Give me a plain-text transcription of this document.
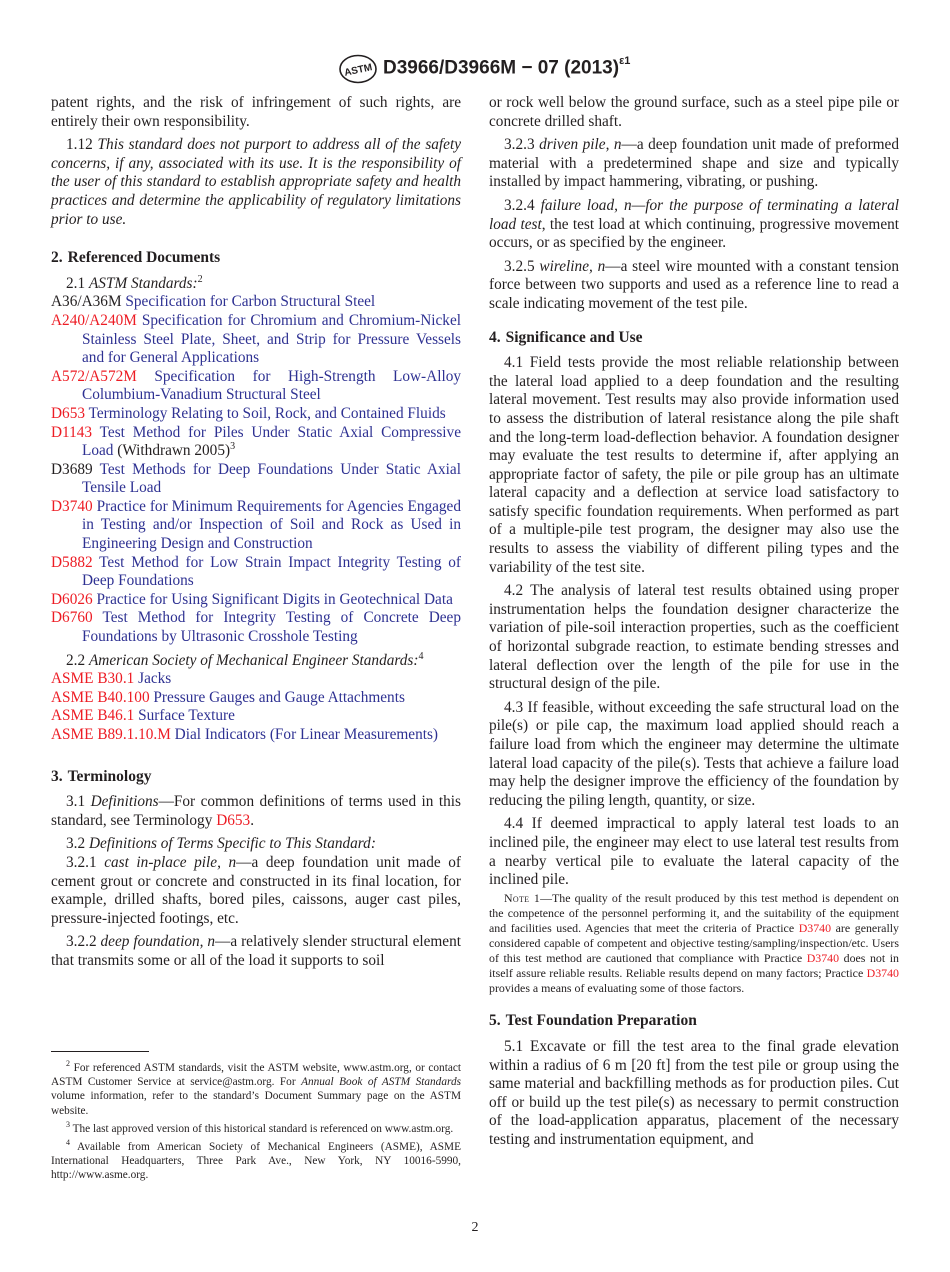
ASTM D3966/D3966M − 07 $(2013)^{\varepsilon 1}$

patent rights, and the risk of infringement of such rights, are entirely their own responsibility.

1.12 This standard does not purport to address all of the safety concerns, if any, associated with its use. It is the responsibility of the user of this standard to establish appropriate safety and health practices and determine the applicability of regulatory limitations prior to use.

2. Referenced Documents

2.1 ASTM Standards:$^2$

A36/A36M Specification for Carbon Structural Steel

A240/A240M Specification for Chromium and Chromium-Nickel Stainless Steel Plate, Sheet, and Strip for Pressure Vessels and for General Applications

A572/A572M Specification for High-Strength Low-Alloy Columbium-Vanadium Structural Steel

D653 Terminology Relating to Soil, Rock, and Contained Fluids

D1143 Test Method for Piles Under Static Axial Compressive Load (Withdrawn 2005)$^3$

D3689 Test Methods for Deep Foundations Under Static Axial Tensile Load

D3740 Practice for Minimum Requirements for Agencies Engaged in Testing and/or Inspection of Soil and Rock as Used in Engineering Design and Construction

D5882 Test Method for Low Strain Impact Integrity Testing of Deep Foundations

D6026 Practice for Using Significant Digits in Geotechnical Data

D6760 Test Method for Integrity Testing of Concrete Deep Foundations by Ultrasonic Crosshole Testing

2.2 American Society of Mechanical Engineer Standards:$^4$

ASME B30.1 Jacks

ASME B40.100 Pressure Gauges and Gauge Attachments

ASME B46.1 Surface Texture

ASME B89.1.10.M Dial Indicators (For Linear Measurements)

3. Terminology

3.1 Definitions—For common definitions of terms used in this standard, see Terminology D653.

3.2 Definitions of Terms Specific to This Standard:

3.2.1 cast in-place pile, n—a deep foundation unit made of cement grout or concrete and constructed in its final location, for example, drilled shafts, bored piles, caissons, auger cast piles, pressure-injected footings, etc.

3.2.2 deep foundation, n—a relatively slender structural element that transmits some or all of the load it supports to soil

$^2$ For referenced ASTM standards, visit the ASTM website, www.astm.org, or contact ASTM Customer Service at service@astm.org. For Annual Book of ASTM Standards volume information, refer to the standard’s Document Summary page on the ASTM website.

$^3$ The last approved version of this historical standard is referenced on www.astm.org.

$^4$ Available from American Society of Mechanical Engineers (ASME), ASME International Headquarters, Three Park Ave., New York, NY 10016-5990, http://www.asme.org.

or rock well below the ground surface, such as a steel pipe pile or concrete drilled shaft.

3.2.3 driven pile, n—a deep foundation unit made of preformed material with a predetermined shape and size and typically installed by impact hammering, vibrating, or pushing.

3.2.4 failure load, n—for the purpose of terminating a lateral load test, the test load at which continuing, progressive movement occurs, or as specified by the engineer.

3.2.5 wireline, n—a steel wire mounted with a constant tension force between two supports and used as a reference line to read a scale indicating movement of the test pile.

4. Significance and Use

4.1 Field tests provide the most reliable relationship between the lateral load applied to a deep foundation and the resulting lateral movement. Test results may also provide information used to assess the distribution of lateral resistance along the pile shaft and the long-term load-deflection behavior. A foundation designer may evaluate the test results to determine if, after applying an appropriate factor of safety, the pile or pile group has an ultimate lateral capacity and a deflection at service load satisfactory to satisfy specific foundation requirements. When performed as part of a multiple-pile test program, the designer may also use the results to assess the viability of different piling types and the variability of the test site.

4.2 The analysis of lateral test results obtained using proper instrumentation helps the foundation designer characterize the variation of pile-soil interaction properties, such as the coefficient of horizontal subgrade reaction, to estimate bending stresses and lateral deflection over the length of the pile for use in the structural design of the pile.

4.3 If feasible, without exceeding the safe structural load on the pile(s) or pile cap, the maximum load applied should reach a failure load from which the engineer may determine the ultimate lateral load capacity of the pile(s). Tests that achieve a failure load may help the designer improve the efficiency of the foundation by reducing the piling length, quantity, or size.

4.4 If deemed impractical to apply lateral test loads to an inclined pile, the engineer may elect to use lateral test results from a nearby vertical pile to evaluate the lateral capacity of the inclined pile.

Note 1—The quality of the result produced by this test method is dependent on the competence of the personnel performing it, and the suitability of the equipment and facilities used. Agencies that meet the criteria of Practice D3740 are generally considered capable of competent and objective testing/sampling/inspection/etc. Users of this test method are cautioned that compliance with Practice D3740 does not in itself assure reliable results. Reliable results depend on many factors; Practice D3740 provides a means of evaluating some of those factors.

5. Test Foundation Preparation

5.1 Excavate or fill the test area to the final grade elevation within a radius of 6 m [20 ft] from the test pile or group using the same material and backfilling methods as for production piles. Cut off or build up the test pile(s) as necessary to permit construction of the load-application apparatus, placement of the necessary testing and instrumentation equipment, and

2
